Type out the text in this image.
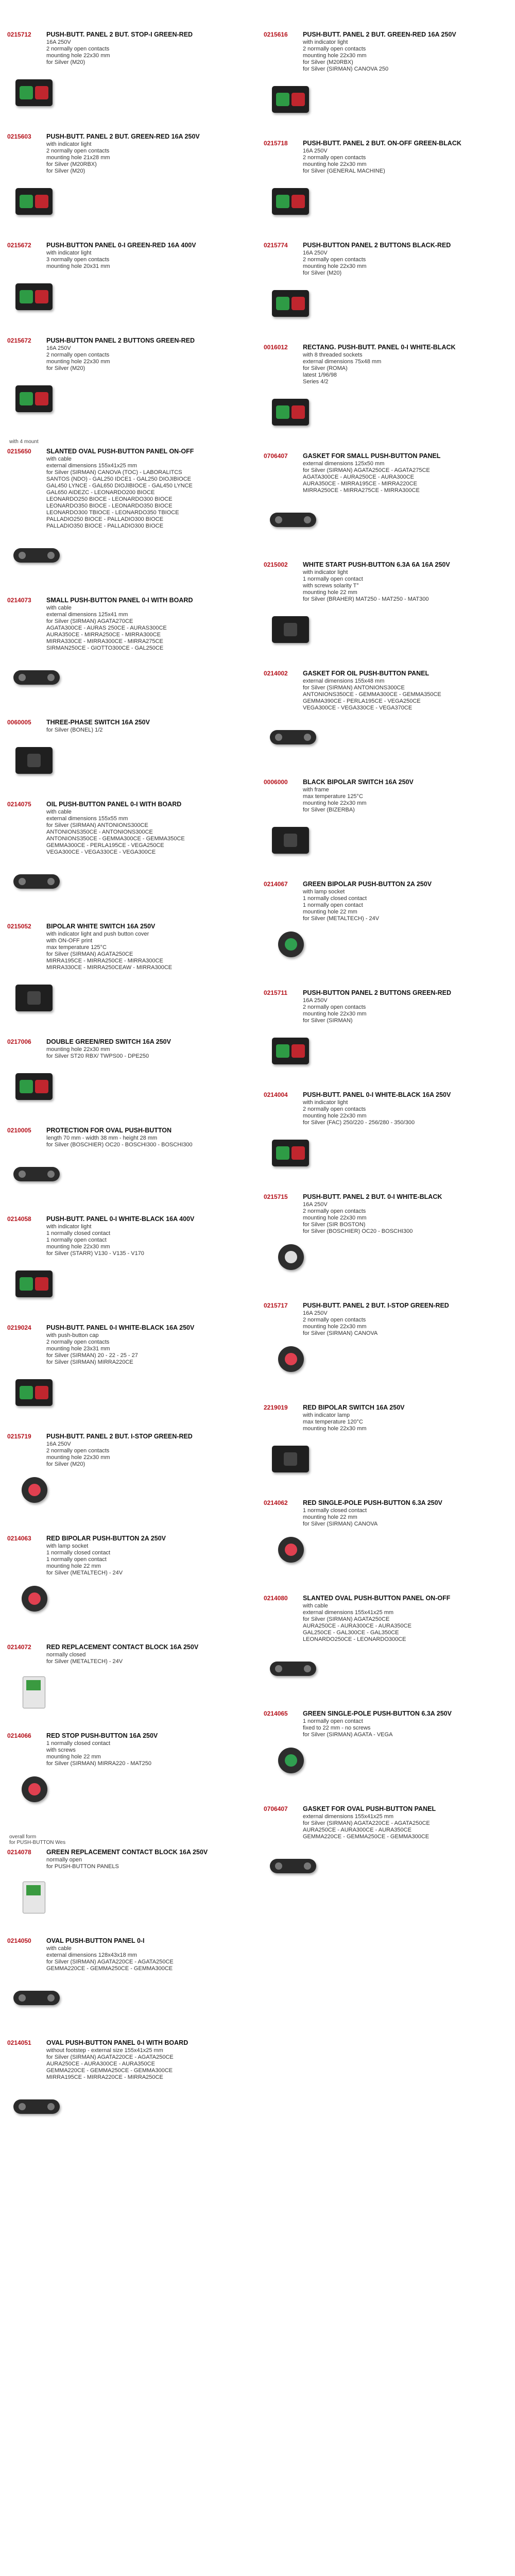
0215712	PUSH-BUTT. PANEL 2 BUT. STOP-I GREEN-RED
16A 250V
2 normally open contacts
mounting hole 22x30 mm
for Silver (M20)
0215603	PUSH-BUTT. PANEL 2 BUT. GREEN-RED 16A 250V
with indicator light
2 normally open contacts
mounting hole 21x28 mm
for Silver (M20RBX)
for Silver (M20)
0215672	PUSH-BUTTON PANEL 0-I GREEN-RED 16A 400V
with indicator light
3 normally open contacts
mounting hole 20x31 mm
0215672	PUSH-BUTTON PANEL 2 BUTTONS GREEN-RED
16A 250V
2 normally open contacts
mounting hole 22x30 mm
for Silver (M20)
with 4 mount
0215650	SLANTED OVAL PUSH-BUTTON PANEL ON-OFF
with cable
external dimensions 155x41x25 mm
for Silver (SIRMAN) CANOVA (TOC) - LABORALITCS
SANTOS (NDO) - GAL250 IDCE1 - GAL250 DIOJIBIOCE
GAL450 LYNCE - GAL650 DIOJIBIOCE - GAL450 LYNCE
GAL650 AIDEZC - LEONARDO200 BIOCE
LEONARDO250 BIOCE - LEONARDO300 BIOCE
LEONARDO350 BIOCE - LEONARDO350 BIOCE
LEONARDO300 TBIOCE - LEONARDO350 TBIOCE
PALLADIO250 BIOCE - PALLADIO300 BIOCE
PALLADIO350 BIOCE - PALLADIO300 BIOCE
0214073	SMALL PUSH-BUTTON PANEL 0-I WITH BOARD
with cable
external dimensions 125x41 mm
for Silver (SIRMAN) AGATA270CE
AGATA300CE - AURAS 250CE - AURAS300CE
AURA350CE - MIRRA250CE - MIRRA300CE
MIRRA330CE - MIRRA300CE - MIRRA275CE
SIRMAN250CE - GIOTTO300CE - GAL250CE
0060005	THREE-PHASE SWITCH 16A 250V
for Silver (BONEL) 1/2
0214075	OIL PUSH-BUTTON PANEL 0-I WITH BOARD
with cable
external dimensions 155x55 mm
for Silver (SIRMAN) ANTONIONS300CE
ANTONIONS350CE - ANTONIONS300CE
ANTONIONS350CE - GEMMA300CE - GEMMA350CE
GEMMA300CE - PERLA195CE - VEGA250CE
VEGA300CE - VEGA330CE - VEGA300CE
0215052	BIPOLAR WHITE SWITCH 16A 250V
with indicator light and push button cover
with ON-OFF print
max temperature 125°C
for Silver (SIRMAN) AGATA250CE
MIRRA195CE - MIRRA250CE - MIRRA300CE
MIRRA330CE - MIRRA250CEAW - MIRRA300CE
0217006	DOUBLE GREEN/RED SWITCH 16A 250V
mounting hole 22x30 mm
for Silver ST20 RBX/ TWPS00 - DPE250
0210005	PROTECTION FOR OVAL PUSH-BUTTON
length 70 mm - width 38 mm - height 28 mm
for Silver (BOSCHIER) OC20 - BOSCHI300 - BOSCHI300
0214058	PUSH-BUTT. PANEL 0-I WHITE-BLACK 16A 400V
with indicator light
1 normally closed contact
1 normally open contact
mounting hole 22x30 mm
for Silver (STARR) V130 - V135 - V170
0219024	PUSH-BUTT. PANEL 0-I WHITE-BLACK 16A 250V
with push-button cap
2 normally open contacts
mounting hole 23x31 mm
for Silver (SIRMAN) 20 - 22 - 25 - 27
for Silver (SIRMAN) MIRRA220CE
0215719	PUSH-BUTT. PANEL 2 BUT. I-STOP GREEN-RED
16A 250V
2 normally open contacts
mounting hole 22x30 mm
for Silver (M20)
0214063	RED BIPOLAR PUSH-BUTTON 2A 250V
with lamp socket
1 normally closed contact
1 normally open contact
mounting hole 22 mm
for Silver (METALTECH) - 24V
0214072	RED REPLACEMENT CONTACT BLOCK 16A 250V
normally closed
for Silver (METALTECH) - 24V
0214066	RED STOP PUSH-BUTTON 16A 250V
1 normally closed contact
with screws
mounting hole 22 mm
for Silver (SIRMAN) MIRRA220 - MAT250
overall form
for PUSH-BUTTON Wes
0214078	GREEN REPLACEMENT CONTACT BLOCK 16A 250V
normally open
for PUSH-BUTTON PANELS
0214050	OVAL PUSH-BUTTON PANEL 0-I
with cable
external dimensions 128x43x18 mm
for Silver (SIRMAN) AGATA220CE - AGATA250CE
GEMMA220CE - GEMMA250CE - GEMMA300CE
0214051	OVAL PUSH-BUTTON PANEL 0-I WITH BOARD
without footstep - external size 155x41x25 mm
for Silver (SIRMAN) AGATA220CE - AGATA250CE
AURA250CE - AURA300CE - AURA350CE
GEMMA220CE - GEMMA250CE - GEMMA300CE
MIRRA195CE - MIRRA220CE - MIRRA250CE
0215616	PUSH-BUTT. PANEL 2 BUT. GREEN-RED 16A 250V
with indicator light
2 normally open contacts
mounting hole 22x30 mm
for Silver (M20RBX)
for Silver (SIRMAN) CANOVA 250
0215718	PUSH-BUTT. PANEL 2 BUT. ON-OFF GREEN-BLACK
16A 250V
2 normally open contacts
mounting hole 22x30 mm
for Silver (GENERAL MACHINE)
0215774	PUSH-BUTTON PANEL 2 BUTTONS BLACK-RED
16A 250V
2 normally open contacts
mounting hole 22x30 mm
for Silver (M20)
0016012	RECTANG. PUSH-BUTT. PANEL 0-I WHITE-BLACK
with 8 threaded sockets
external dimensions 75x48 mm
for Silver (ROMA)
latest 1/96/98
Series 4/2
0706407	GASKET FOR SMALL PUSH-BUTTON PANEL
external dimensions 125x50 mm
for Silver (SIRMAN) AGATA250CE - AGATA275CE
AGATA300CE - AURA250CE - AURA300CE
AURA350CE - MIRRA195CE - MIRRA220CE
MIRRA250CE - MIRRA275CE - MIRRA300CE
0215002	WHITE START PUSH-BUTTON 6.3A 6A 16A 250V
with indicator light
1 normally open contact
with screws solarity T°
mounting hole 22 mm
for Silver (BRAHER) MAT250 - MAT250 - MAT300
0214002	GASKET FOR OIL PUSH-BUTTON PANEL
external dimensions 155x48 mm
for Silver (SIRMAN) ANTONIONS300CE
ANTONIONS350CE - GEMMA300CE - GEMMA350CE
GEMMA390CE - PERLA195CE - VEGA250CE
VEGA300CE - VEGA330CE - VEGA370CE
0006000	BLACK BIPOLAR SWITCH 16A 250V
with frame
max temperature 125°C
mounting hole 22x30 mm
for Silver (BIZERBA)
0214067	GREEN BIPOLAR PUSH-BUTTON 2A 250V
with lamp socket
1 normally closed contact
1 normally open contact
mounting hole 22 mm
for Silver (METALTECH) - 24V
0215711	PUSH-BUTTON PANEL 2 BUTTONS GREEN-RED
16A 250V
2 normally open contacts
mounting hole 22x30 mm
for Silver (SIRMAN)
0214004	PUSH-BUTT. PANEL 0-I WHITE-BLACK 16A 250V
with indicator light
2 normally open contacts
mounting hole 22x30 mm
for Silver (FAC) 250/220 - 256/280 - 350/300
0215715	PUSH-BUTT. PANEL 2 BUT. 0-I WHITE-BLACK
16A 250V
2 normally open contacts
mounting hole 22x30 mm
for Silver (SIR BOSTON)
for Silver (BOSCHIER) OC20 - BOSCHI300
0215717	PUSH-BUTT. PANEL 2 BUT. I-STOP GREEN-RED
16A 250V
2 normally open contacts
mounting hole 22x30 mm
for Silver (SIRMAN) CANOVA
2219019	RED BIPOLAR SWITCH 16A 250V
with indicator lamp
max temperature 120°C
mounting hole 22x30 mm
0214062	RED SINGLE-POLE PUSH-BUTTON 6.3A 250V
1 normally closed contact
mounting hole 22 mm
for Silver (SIRMAN) CANOVA
0214080	SLANTED OVAL PUSH-BUTTON PANEL ON-OFF
with cable
external dimensions 155x41x25 mm
for Silver (SIRMAN) AGATA250CE
AURA250CE - AURA300CE - AURA350CE
GAL250CE - GAL300CE - GAL350CE
LEONARDO250CE - LEONARDO300CE
0214065	GREEN SINGLE-POLE PUSH-BUTTON 6.3A 250V
1 normally open contact
fixed to 22 mm - no screws
for Silver (SIRMAN) AGATA - VEGA
0706407	GASKET FOR OVAL PUSH-BUTTON PANEL
external dimensions 155x41x25 mm
for Silver (SIRMAN) AGATA220CE - AGATA250CE
AURA250CE - AURA300CE - AURA350CE
GEMMA220CE - GEMMA250CE - GEMMA300CE
